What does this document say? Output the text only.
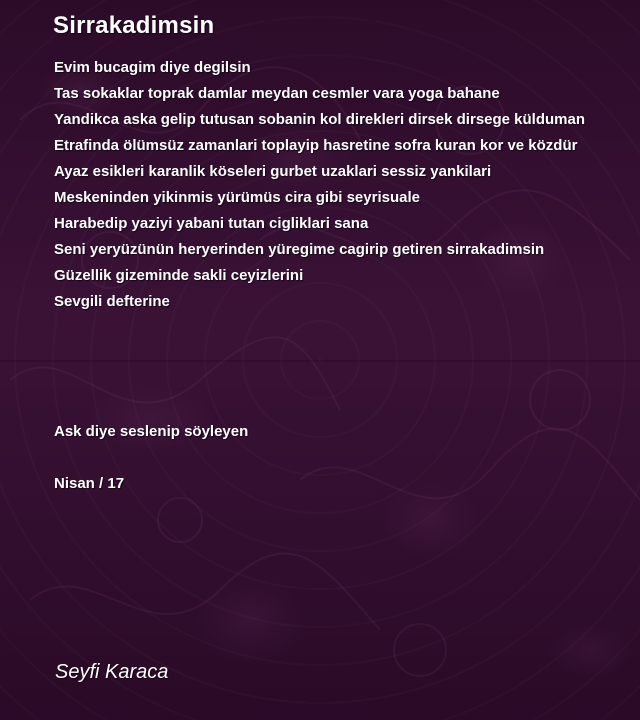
Sirrakadimsin
Evim bucagim diye degilsin
Tas sokaklar toprak damlar meydan cesmler vara yoga bahane
Yandikca aska gelip tutusan sobanin kol direkleri dirsek dirsege külduman
Etrafinda ölümsüz zamanlari toplayip hasretine sofra kuran kor ve közdür
Ayaz esikleri karanlik köseleri gurbet uzaklari sessiz yankilari
Meskeninden yikinmis yürümüs cira gibi seyrisuale
Harabedip yaziyi yabani tutan cigliklari sana
Seni yeryüzünün heryerinden yüregime cagirip getiren sirrakadimsin
Güzellik gizeminde sakli ceyizlerini
Sevgili defterine
Ask diye seslenip söyleyen
Nisan / 17
Seyfi Karaca
